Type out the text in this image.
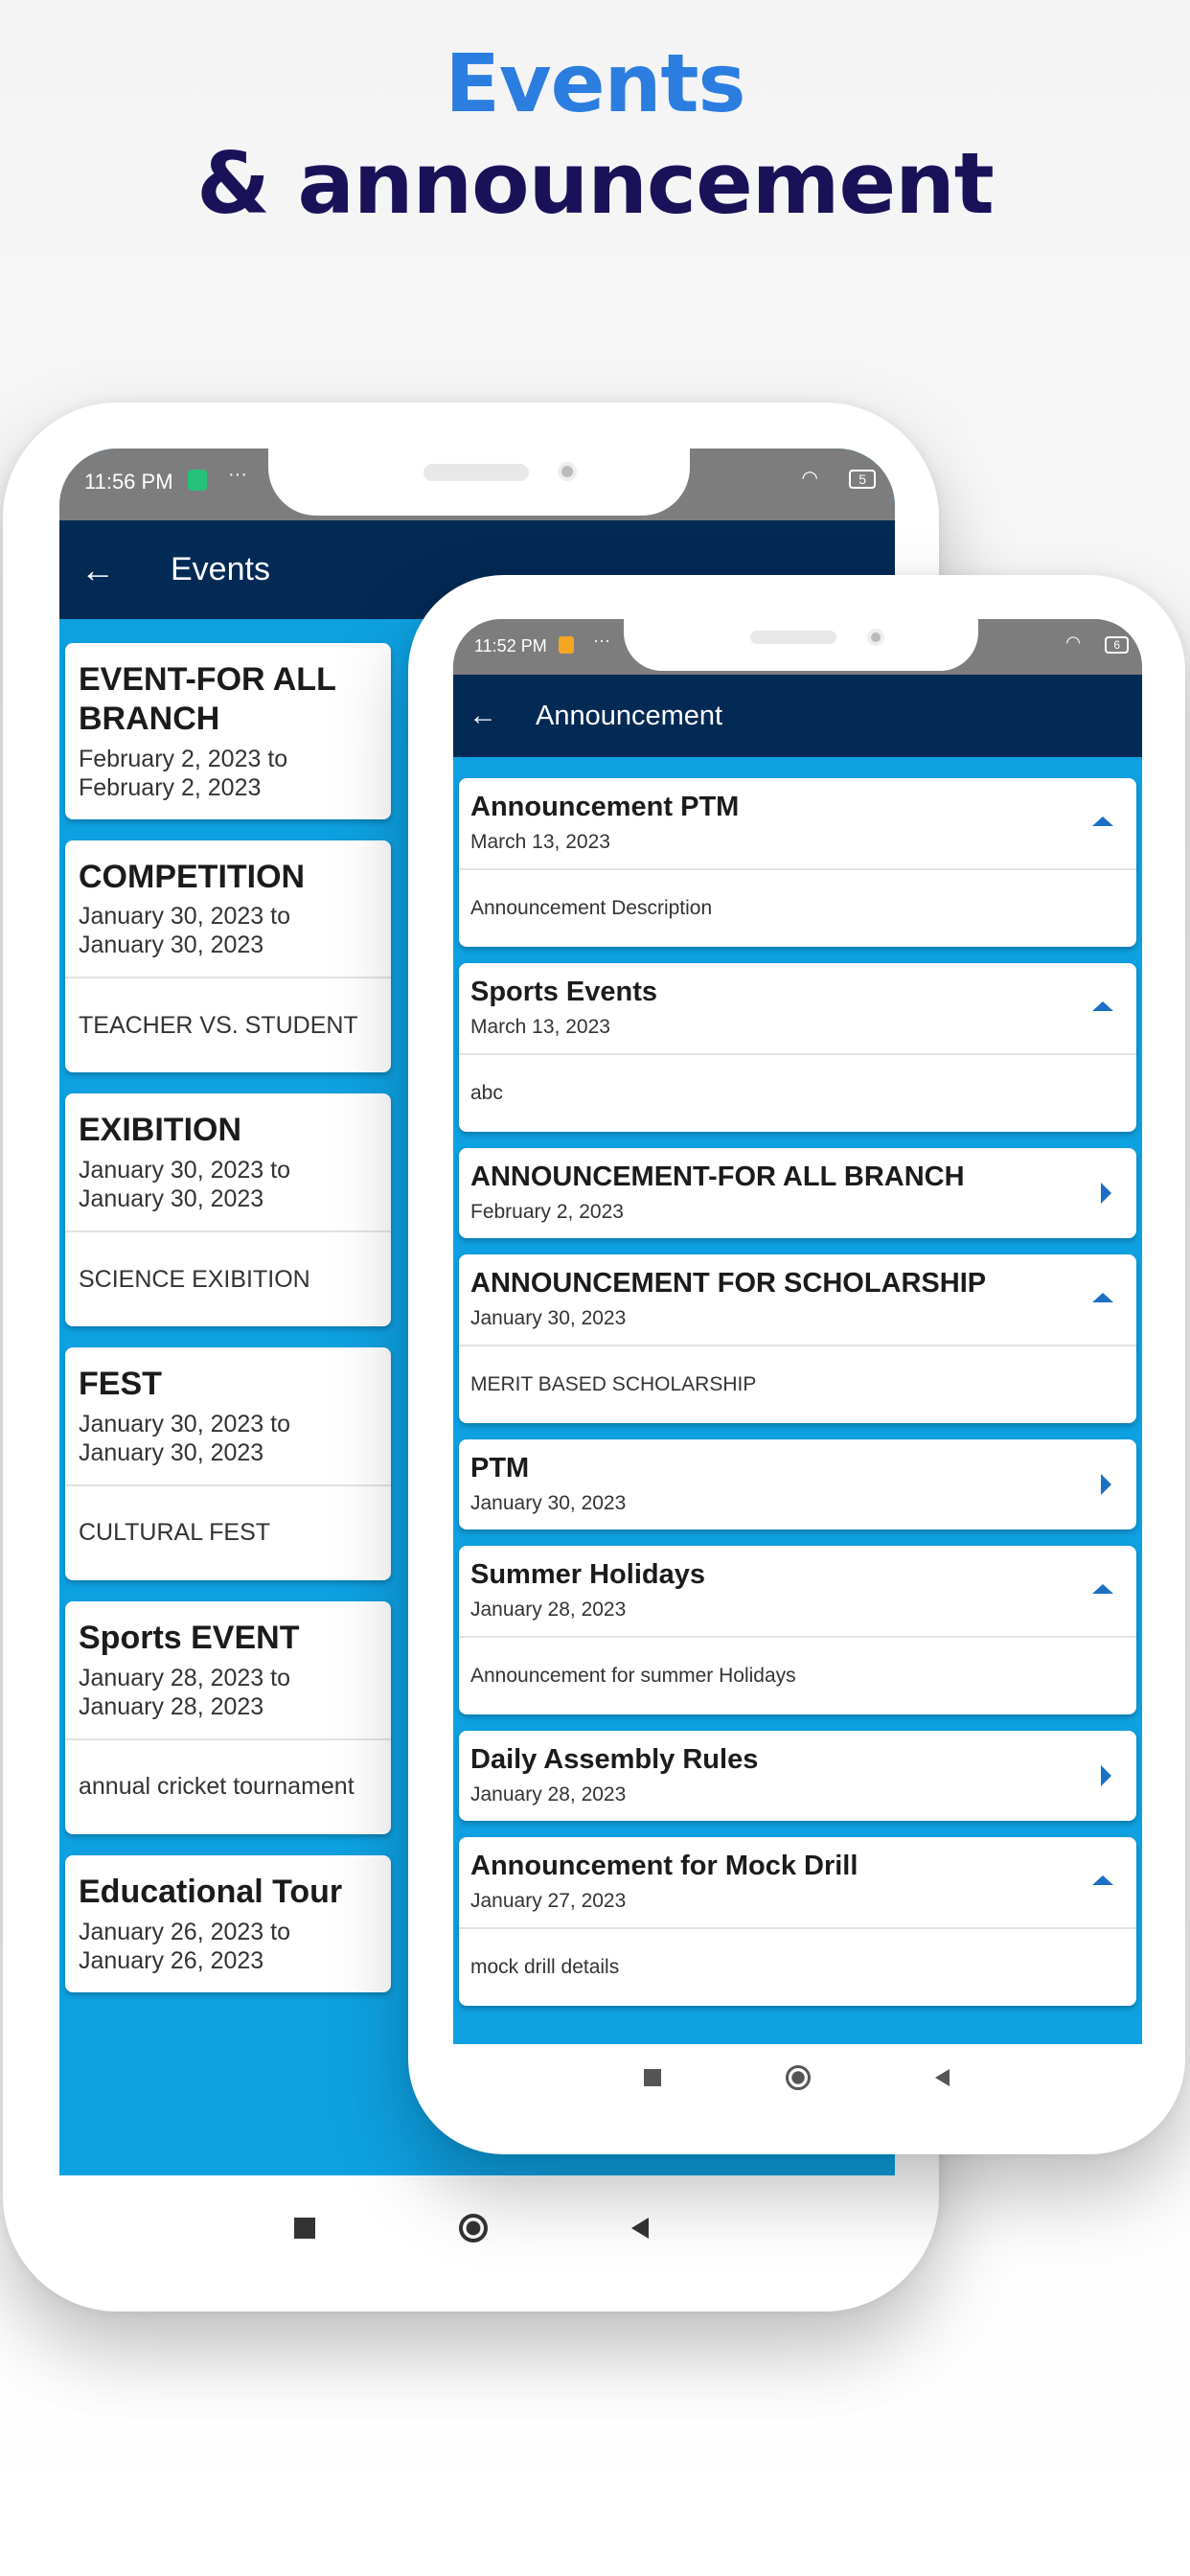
Events
& announcement
11:56 PM	···	5
◠
← Events
EVENT-FOR ALL BRANCH
February 2, 2023 to February 2, 2023
COMPETITION
January 30, 2023 to January 30, 2023
TEACHER VS. STUDENT
EXIBITION
January 30, 2023 to January 30, 2023
SCIENCE EXIBITION
FEST
January 30, 2023 to January 30, 2023
CULTURAL FEST
Sports EVENT
January 28, 2023 to January 28, 2023
annual cricket tournament
Educational Tour
January 26, 2023 to January 26, 2023
11:52 PM	···	6
◠
← Announcement
Announcement PTM
March 13, 2023
Announcement Description
Sports Events
March 13, 2023
abc
ANNOUNCEMENT-FOR ALL BRANCH
February 2, 2023
ANNOUNCEMENT FOR SCHOLARSHIP
January 30, 2023
MERIT BASED SCHOLARSHIP
PTM
January 30, 2023
Summer Holidays
January 28, 2023
Announcement for summer Holidays
Daily Assembly Rules
January 28, 2023
Announcement for Mock Drill
January 27, 2023
mock drill details
